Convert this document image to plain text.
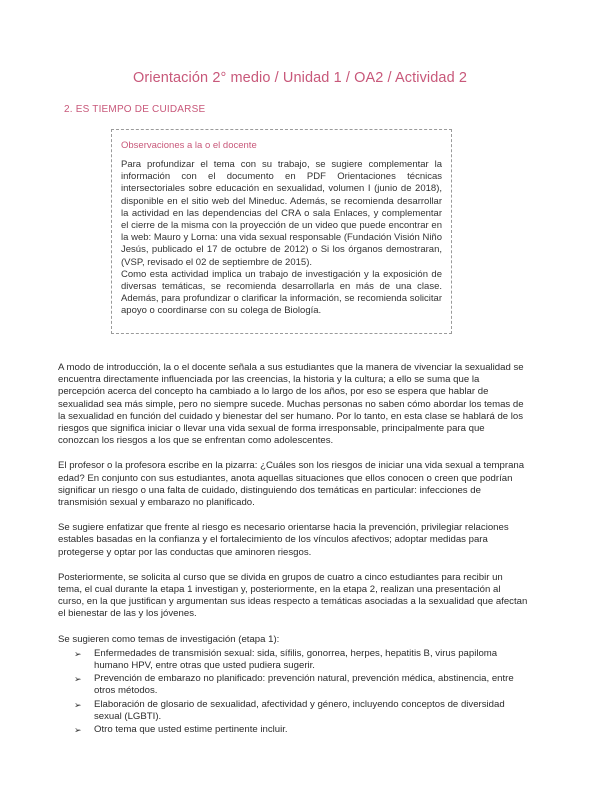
Orientación 2° medio / Unidad 1 / OA2 / Actividad 2
2. ES TIEMPO DE CUIDARSE
Observaciones a la o el docente

Para profundizar el tema con su trabajo, se sugiere complementar la información con el documento en PDF Orientaciones técnicas intersectoriales sobre educación en sexualidad, volumen I (junio de 2018), disponible en el sitio web del Mineduc. Además, se recomienda desarrollar la actividad en las dependencias del CRA o sala Enlaces, y complementar el cierre de la misma con la proyección de un video que puede encontrar en la web: Mauro y Lorna: una vida sexual responsable (Fundación Visión Niño Jesús, publicado el 17 de octubre de 2012) o Si los órganos demostraran, (VSP, revisado el 02 de septiembre de 2015).

Como esta actividad implica un trabajo de investigación y la exposición de diversas temáticas, se recomienda desarrollarla en más de una clase. Además, para profundizar o clarificar la información, se recomienda solicitar apoyo o coordinarse con su colega de Biología.

A modo de introducción, la o el docente señala a sus estudiantes que la manera de vivenciar la sexualidad se encuentra directamente influenciada por las creencias, la historia y la cultura; a ello se suma que la percepción acerca del concepto ha cambiado a lo largo de los años, por eso se espera que hablar de sexualidad sea más simple, pero no siempre sucede. Muchas personas no saben cómo abordar los temas de la sexualidad en función del cuidado y bienestar del ser humano. Por lo tanto, en esta clase se hablará de los riesgos que significa iniciar o llevar una vida sexual de forma irresponsable, principalmente para que conozcan los riesgos a los que se enfrentan como adolescentes.

El profesor o la profesora escribe en la pizarra: ¿Cuáles son los riesgos de iniciar una vida sexual a temprana edad? En conjunto con sus estudiantes, anota aquellas situaciones que ellos conocen o creen que podrían significar un riesgo o una falta de cuidado, distinguiendo dos temáticas en particular: infecciones de transmisión sexual y embarazo no planificado.

Se sugiere enfatizar que frente al riesgo es necesario orientarse hacia la prevención, privilegiar relaciones estables basadas en la confianza y el fortalecimiento de los vínculos afectivos; adoptar medidas para protegerse y optar por las conductas que aminoren riesgos.

Posteriormente, se solicita al curso que se divida en grupos de cuatro a cinco estudiantes para recibir un tema, el cual durante la etapa 1 investigan y, posteriormente, en la etapa 2, realizan una presentación al curso, en la que justifican y argumentan sus ideas respecto a temáticas asociadas a la sexualidad que afectan el bienestar de las y los jóvenes.

Se sugieren como temas de investigación (etapa 1):

➢ Enfermedades de transmisión sexual: sida, sífilis, gonorrea, herpes, hepatitis B, virus papiloma humano HPV, entre otras que usted pudiera sugerir.
➢ Prevención de embarazo no planificado: prevención natural, prevención médica, abstinencia, entre otros métodos.
➢ Elaboración de glosario de sexualidad, afectividad y género, incluyendo conceptos de diversidad sexual (LGBTI).
➢ Otro tema que usted estime pertinente incluir.
